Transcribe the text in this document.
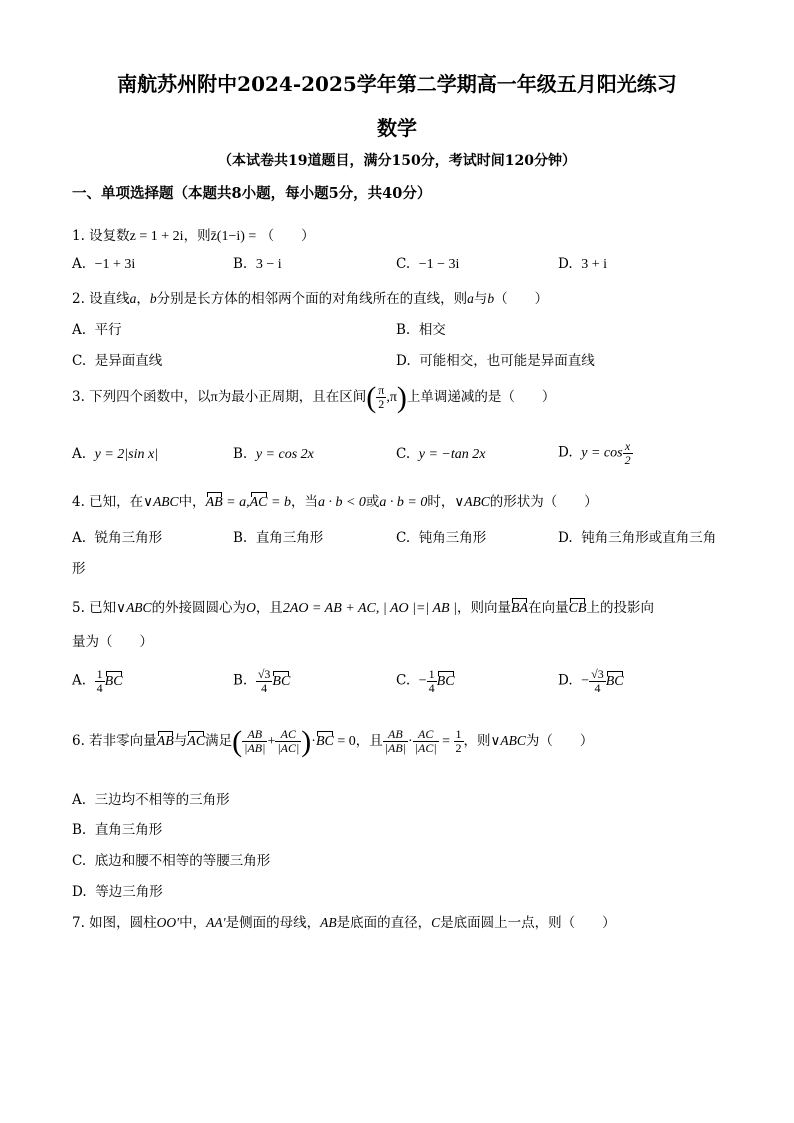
南航苏州附中2024-2025学年第二学期高一年级五月阳光练习
数学
（本试卷共19道题目，满分150分，考试时间120分钟）
一、单项选择题（本题共8小题，每小题5分，共40分）
1. 设复数z = 1 + 2i，则z̄(1−i) = （　　）
A. −1 + 3i	B. 3 − i	C. −1 − 3i	D. 3 + i
2. 设直线a，b分别是长方体的相邻两个面的对角线所在的直线，则a与b（　　）
A. 平行	B. 相交
C. 是异面直线	D. 可能相交，也可能是异面直线
3. 下列四个函数中，以π为最小正周期，且在区间( $\frac{\pi}{2} ,\pi$)上单调递减的是（　　）
A. y = 2|sin x|	B. y = cos 2x	C. y = −tan 2x	D. $y = \cos \frac{x}{2}$
4. 已知，在∨ABC中，AB = a,AC = b，当a · b < 0或a · b = 0时，∨ABC的形状为（　　）
A. 锐角三角形	B. 直角三角形	C. 钝角三角形	D. 钝角三角形或直角三角
形
5. 已知∨ABC的外接圆圆心为O，且2AO = AB + AC, | AO |=| AB |，则向量BA在向量CB上的投影向
量为（　　）
A. $\frac{1}{4}$ BC	B. $\frac{√3}{4}$ BC	C. − $\frac{1}{4}$ BC	D. − $\frac{√3}{4}$ BC
6. 若非零向量AB与AC满足( $\frac{AB}{|AB|} + \frac{AC}{|AC|} )\cdot BC = 0$，且 $\frac{AB}{|AB|} \cdot \frac{AC}{|AC|} = \frac{1}{2}$ ，则∨ABC为（　　）
A. 三边均不相等的三角形
B. 直角三角形
C. 底边和腰不相等的等腰三角形
D. 等边三角形
7. 如图，圆柱OO′中，AA′是侧面的母线，AB是底面的直径，C是底面圆上一点，则（　　）
